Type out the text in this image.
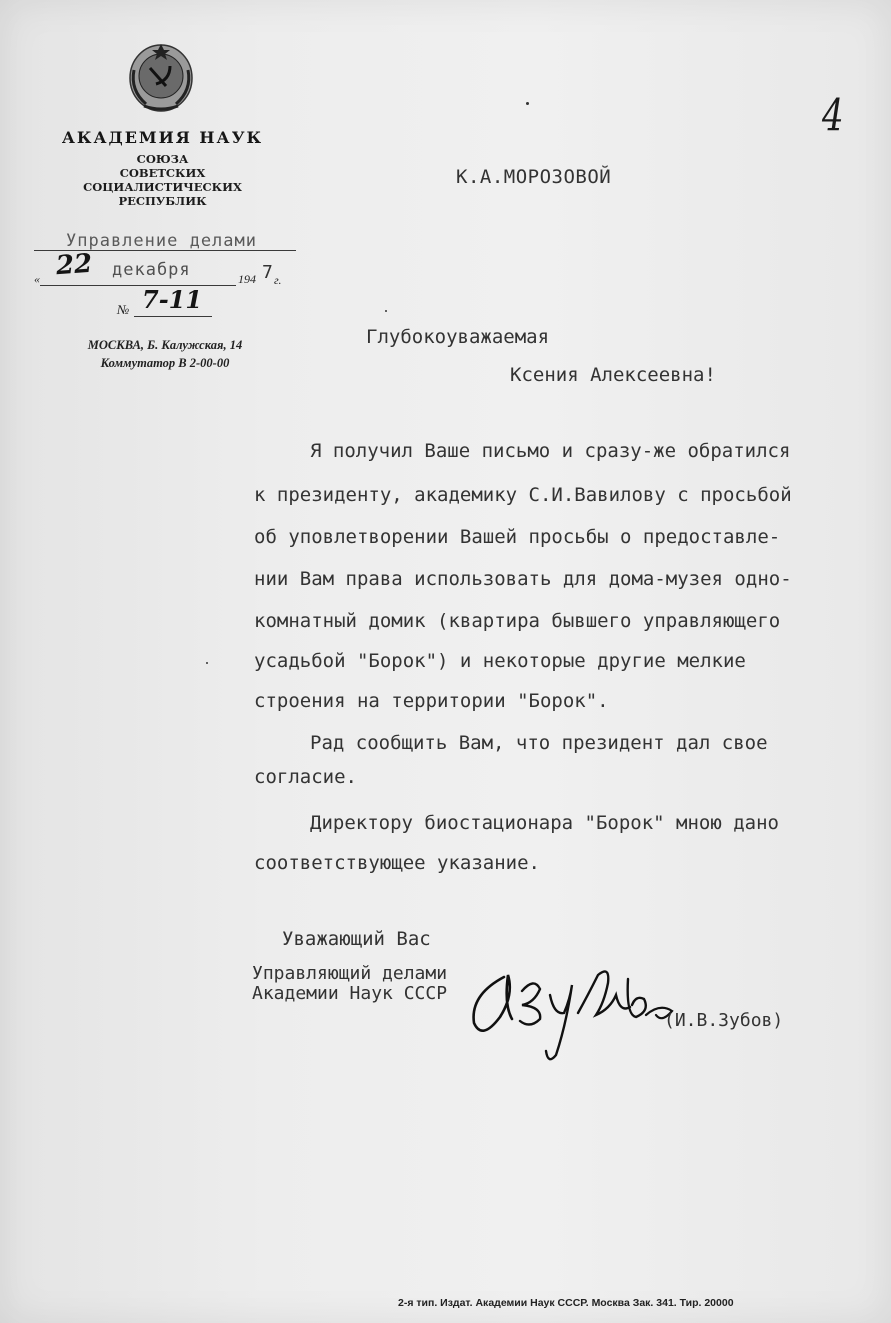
АКАДЕМИЯ НАУК
СОЮЗА
СОВЕТСКИХ
СОЦИАЛИСТИЧЕСКИХ
РЕСПУБЛИК
Управление делами
« 22 декабря	194 7 г.
№ 7-11
МОСКВА, Б. Калужская, 14
Коммутатор В 2-00-00
4
К.А.МОРОЗОВОЙ
Глубокоуважаемая
Ксения Алексеевна!
Я получил Ваше письмо и сразу-же обратился
к президенту, академику С.И.Вавилову с просьбой
об уповлетворении Вашей просьбы о предоставле-
нии Вам права использовать для дома-музея одно-
комнатный домик (квартира бывшего управляющего
усадьбой "Борок") и некоторые другие мелкие
строения на территории "Борок".
Рад сообщить Вам, что президент дал свое
согласие.
Директору биостационара "Борок" мною дано
соответствующее указание.
Уважающий Вас
Управляющий делами
Академии Наук СССР
(И.В.Зубов)
2-я тип. Издат. Академии Наук СССР. Москва Зак. 341. Тир. 20000
